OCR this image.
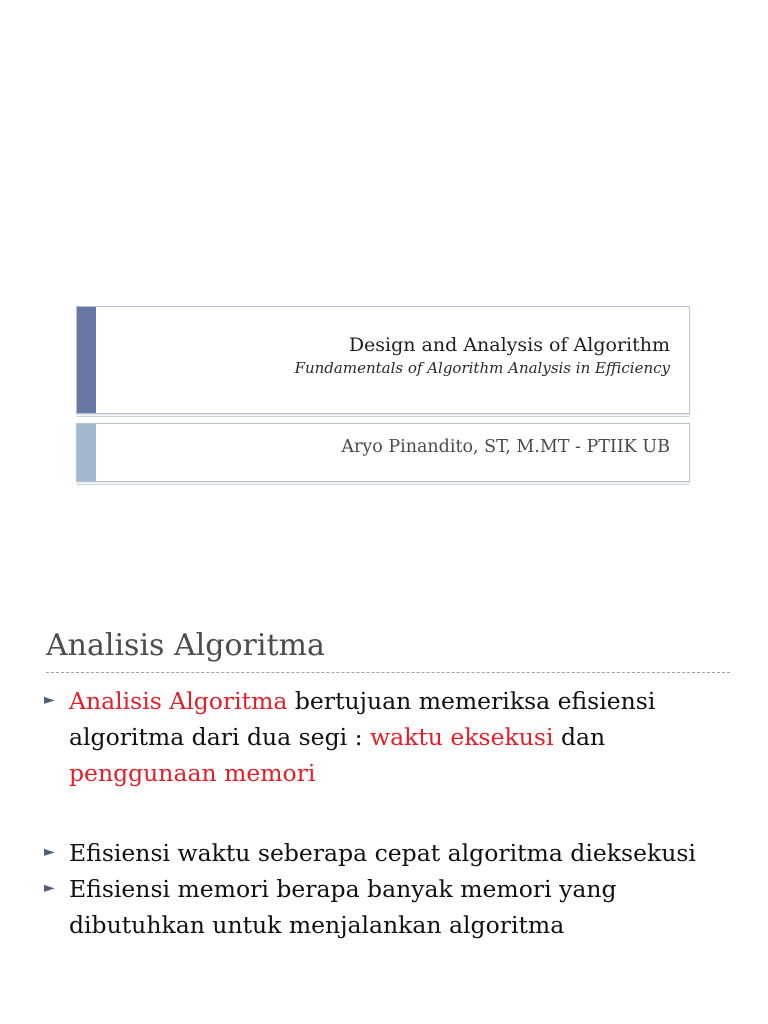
Design and Analysis of Algorithm
Fundamentals of Algorithm Analysis in Efficiency
Aryo Pinandito, ST, M.MT - PTIIK UB
Analisis Algoritma
► Analisis Algoritma bertujuan memeriksa efisiensi algoritma dari dua segi : waktu eksekusi dan penggunaan memori
► Efisiensi waktu seberapa cepat algoritma dieksekusi
► Efisiensi memori berapa banyak memori yang dibutuhkan untuk menjalankan algoritma
